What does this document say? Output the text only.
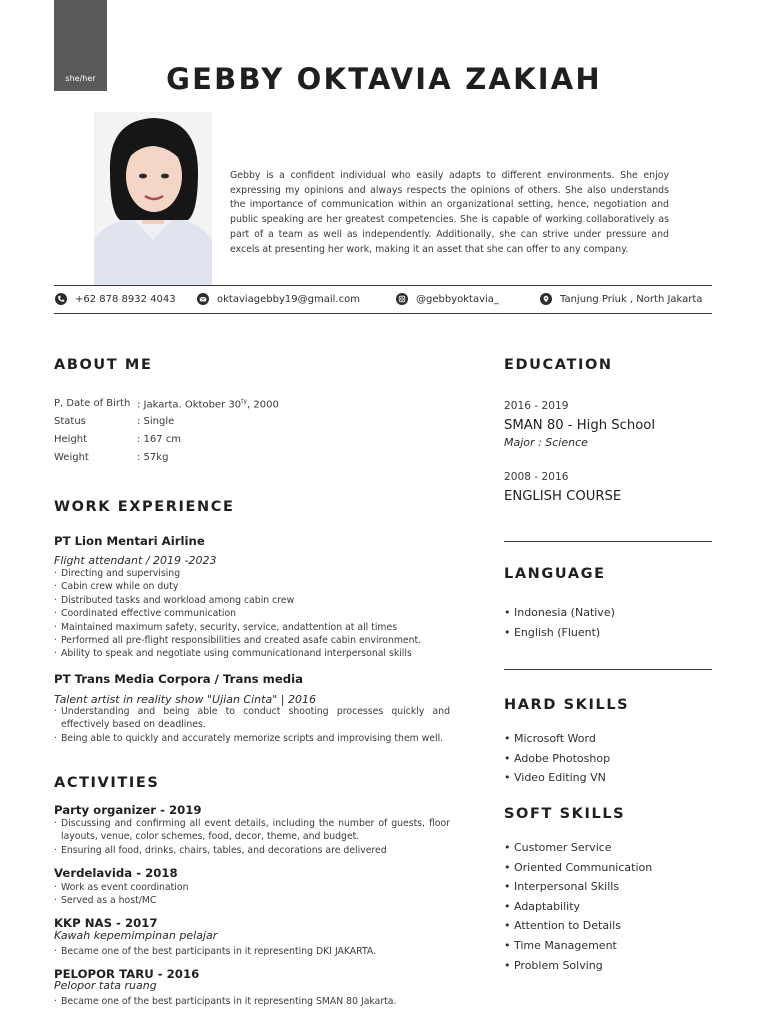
she/her	GEBBY OKTAVIA ZAKIAH
Gebby is a confident individual who easily adapts to different environments. She enjoy expressing my opinions and always respects the opinions of others. She also understands the importance of communication within an organizational setting, hence, negotiation and public speaking are her greatest competencies. She is capable of working collaboratively as part of a team as well as independently. Additionally, she can strive under pressure and excels at presenting her work, making it an asset that she can offer to any company.
+62 878 8932 4043	oktaviagebby19@gmail.com	@gebbyoktavia_	Tanjung Priuk , North Jakarta
ABOUT ME
P, Date of Birth : Jakarta. Oktober $30^{ty}$, 2000
Status	: Single
Height	: 167 cm
Weight	: 57kg
WORK EXPERIENCE
PT Lion Mentari Airline
Flight attendant / 2019 -2023
· Directing and supervising
· Cabin crew while on duty
· Distributed tasks and workload among cabin crew
· Coordinated effective communication
· Maintained maximum safety, security, service, andattention at all times
· Performed all pre-flight responsibilities and created asafe cabin environment.
· Ability to speak and negotiate using communicationand interpersonal skills
PT Trans Media Corpora / Trans media
Talent artist in reality show "Ujian Cinta" | 2016
· Understanding and being able to conduct shooting processes quickly and effectively based on deadlines.
· Being able to quickly and accurately memorize scripts and improvising them well.
ACTIVITIES
Party organizer - 2019
· Discussing and confirming all event details, including the number of guests, floor layouts, venue, color schemes, food, decor, theme, and budget.
· Ensuring all food, drinks, chairs, tables, and decorations are delivered
Verdelavida - 2018
· Work as event coordination
· Served as a host/MC
KKP NAS - 2017
Kawah kepemimpinan pelajar
· Became one of the best participants in it representing DKI JAKARTA.
PELOPOR TARU - 2016
Pelopor tata ruang
· Became one of the best participants in it representing SMAN 80 Jakarta.
EDUCATION
2016 - 2019
SMAN 80 - High School
Major : Science
2008 - 2016
ENGLISH COURSE
LANGUAGE
• Indonesia (Native)
• English (Fluent)
HARD SKILLS
• Microsoft Word
• Adobe Photoshop
• Video Editing VN
SOFT SKILLS
• Customer Service
• Oriented Communication
• Interpersonal Skills
• Adaptability
• Attention to Details
• Time Management
• Problem Solving
